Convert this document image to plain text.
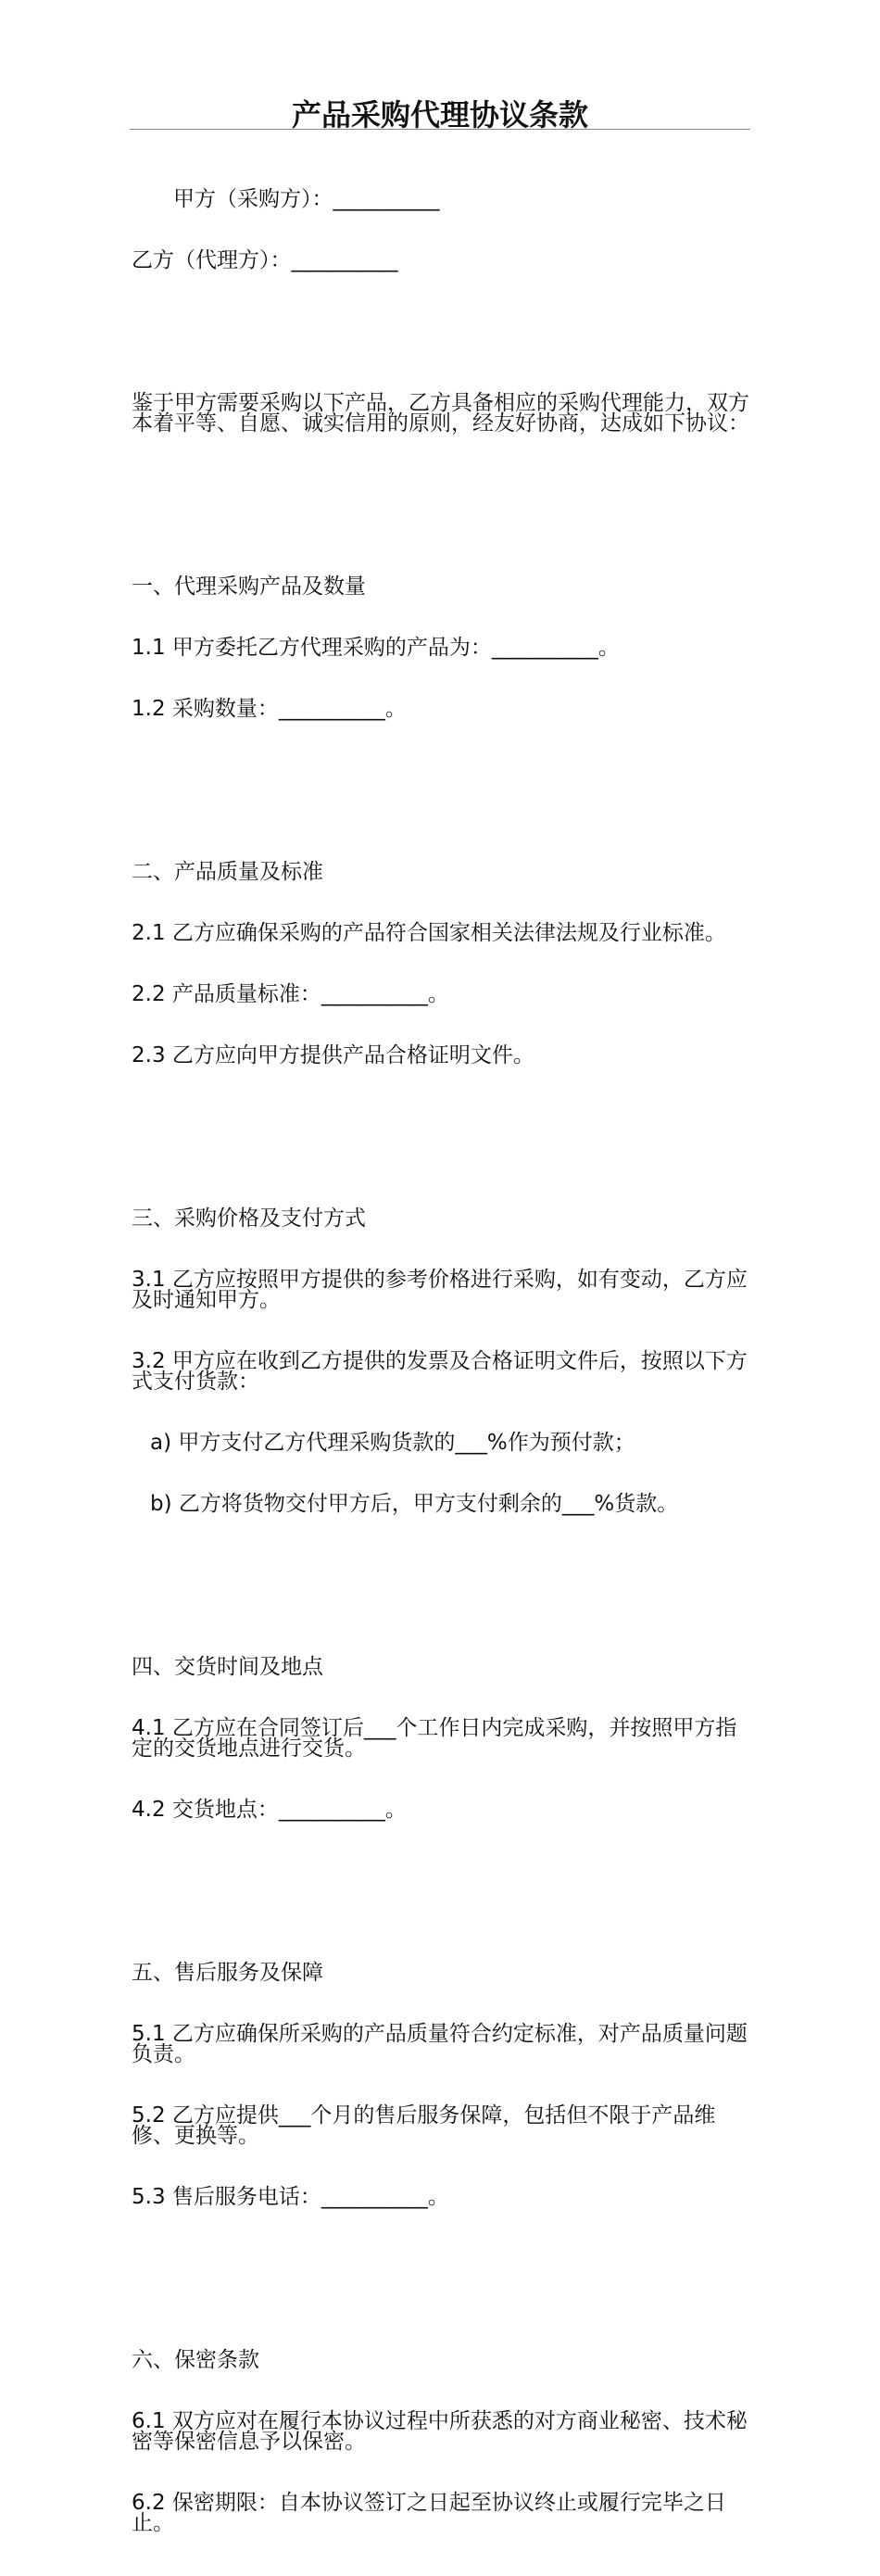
产品采购代理协议条款

甲方（采购方）：__________

乙方（代理方）：__________

鉴于甲方需要采购以下产品，乙方具备相应的采购代理能力，双方本着平等、自愿、诚实信用的原则，经友好协商，达成如下协议：

一、代理采购产品及数量

1.1 甲方委托乙方代理采购的产品为：__________。

1.2 采购数量：__________。

二、产品质量及标准

2.1 乙方应确保采购的产品符合国家相关法律法规及行业标准。

2.2 产品质量标准：__________。

2.3 乙方应向甲方提供产品合格证明文件。

三、采购价格及支付方式

3.1 乙方应按照甲方提供的参考价格进行采购，如有变动，乙方应及时通知甲方。

3.2 甲方应在收到乙方提供的发票及合格证明文件后，按照以下方式支付货款：

a) 甲方支付乙方代理采购货款的___%作为预付款；

b) 乙方将货物交付甲方后，甲方支付剩余的___%货款。

四、交货时间及地点

4.1 乙方应在合同签订后___个工作日内完成采购，并按照甲方指定的交货地点进行交货。

4.2 交货地点：__________。

五、售后服务及保障

5.1 乙方应确保所采购的产品质量符合约定标准，对产品质量问题负责。

5.2 乙方应提供___个月的售后服务保障，包括但不限于产品维修、更换等。

5.3 售后服务电话：__________。

六、保密条款

6.1 双方应对在履行本协议过程中所获悉的对方商业秘密、技术秘密等保密信息予以保密。

6.2 保密期限：自本协议签订之日起至协议终止或履行完毕之日止。
